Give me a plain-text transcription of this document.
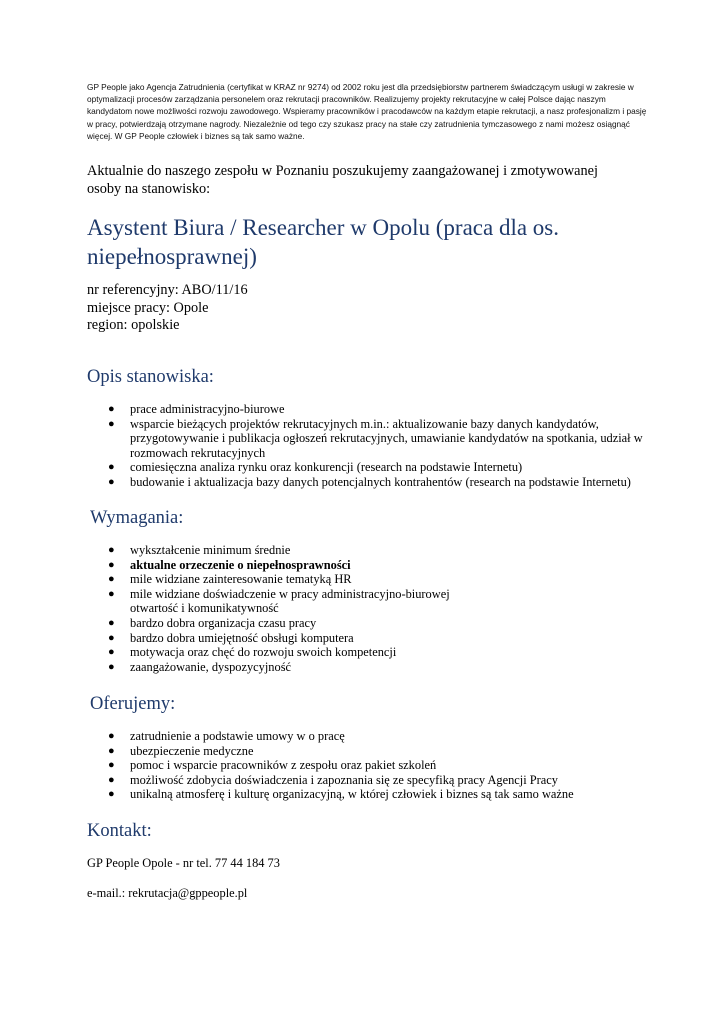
GP People jako Agencja Zatrudnienia (certyfikat w KRAZ nr 9274) od 2002 roku jest dla przedsiębiorstw partnerem świadczącym usługi w zakresie w optymalizacji procesów zarządzania personelem oraz rekrutacji pracowników. Realizujemy projekty rekrutacyjne w całej Polsce dając naszym kandydatom nowe możliwości rozwoju zawodowego. Wspieramy pracowników i pracodawców na każdym etapie rekrutacji, a nasz profesjonalizm i pasję w pracy, potwierdzają otrzymane nagrody. Niezależnie od tego czy szukasz pracy na stałe czy zatrudnienia tymczasowego z nami możesz osiągnąć więcej. W GP People człowiek i biznes są tak samo ważne.
Aktualnie do naszego zespołu w Poznaniu poszukujemy zaangażowanej i zmotywowanej osoby na stanowisko:
Asystent Biura / Researcher w Opolu (praca dla os. niepełnosprawnej)
nr referencyjny: ABO/11/16
miejsce pracy: Opole
region: opolskie
Opis stanowiska:
● prace administracyjno-biurowe
● wsparcie bieżących projektów rekrutacyjnych m.in.: aktualizowanie bazy danych kandydatów, przygotowywanie i publikacja ogłoszeń rekrutacyjnych, umawianie kandydatów na spotkania, udział w rozmowach rekrutacyjnych
● comiesięczna analiza rynku oraz konkurencji (research na podstawie Internetu)
● budowanie i aktualizacja bazy danych potencjalnych kontrahentów (research na podstawie Internetu)
Wymagania:
● wykształcenie minimum średnie
● aktualne orzeczenie o niepełnosprawności
● mile widziane zainteresowanie tematyką HR
● mile widziane doświadczenie w pracy administracyjno-biurowej
otwartość i komunikatywność
● bardzo dobra organizacja czasu pracy
● bardzo dobra umiejętność obsługi komputera
● motywacja oraz chęć do rozwoju swoich kompetencji
● zaangażowanie, dyspozycyjność
Oferujemy:
● zatrudnienie a podstawie umowy w o pracę
● ubezpieczenie medyczne
● pomoc i wsparcie pracowników z zespołu oraz pakiet szkoleń
● możliwość zdobycia doświadczenia i zapoznania się ze specyfiką pracy Agencji Pracy
● unikalną atmosferę i kulturę organizacyjną, w której człowiek i biznes są tak samo ważne
Kontakt:
GP People Opole - nr tel. 77 44 184 73
e-mail.: rekrutacja@gppeople.pl
